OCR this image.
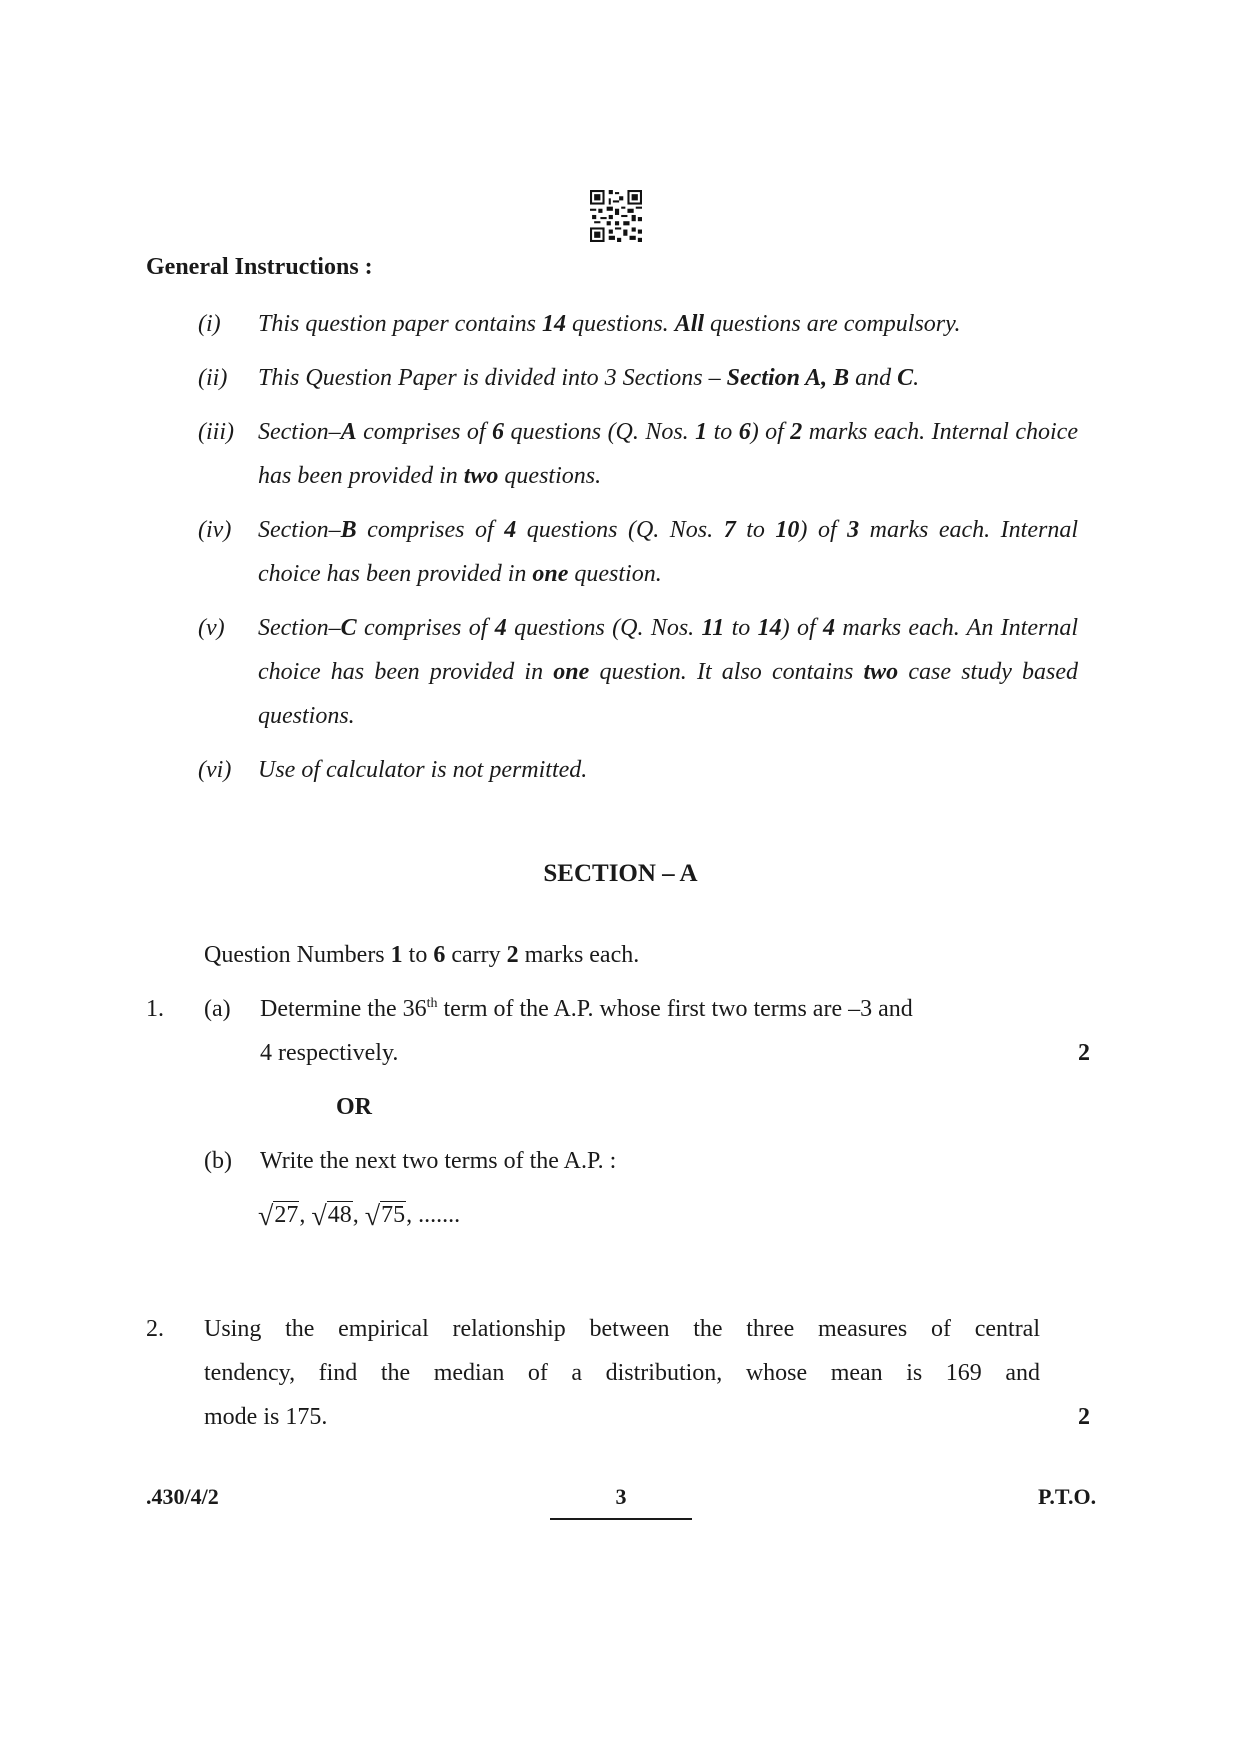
General Instructions :
(i) This question paper contains 14 questions. All questions are compulsory.
(ii) This Question Paper is divided into 3 Sections – Section A, B and C.
(iii) Section–A comprises of 6 questions (Q. Nos. 1 to 6) of 2 marks each. Internal choice has been provided in two questions.
(iv) Section–B comprises of 4 questions (Q. Nos. 7 to 10) of 3 marks each. Internal choice has been provided in one question.
(v) Section–C comprises of 4 questions (Q. Nos. 11 to 14) of 4 marks each. An Internal choice has been provided in one question. It also contains two case study based questions.
(vi) Use of calculator is not permitted.
SECTION – A
Question Numbers 1 to 6 carry 2 marks each.
1. (a) Determine the 36th term of the A.P. whose first two terms are –3 and
4 respectively.	2
OR
(b) Write the next two terms of the A.P. :
√27, √48, √75, .......
2. Using the empirical relationship between the three measures of central
tendency, find the median of a distribution, whose mean is 169 and
mode is 175.	2
.430/4/2	3	P.T.O.
